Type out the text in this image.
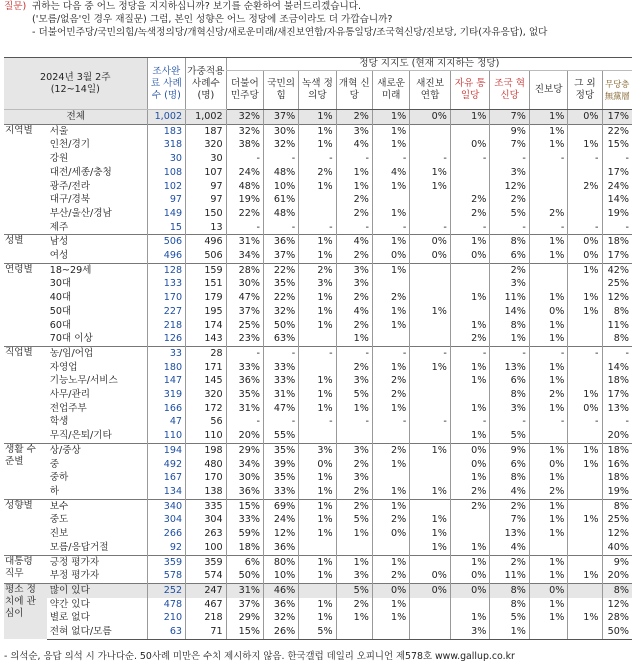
질문) 귀하는 다음 중 어느 정당을 지지하십니까? 보기를 순환하여 불러드리겠습니다.
('모름/없음'인 경우 재질문) 그럼, 본인 성향은 어느 정당에 조금이라도 더 가깝습니까?
- 더불어민주당/국민의힘/녹색정의당/개혁신당/새로운미래/새진보연합/자유통일당/조국혁신당/진보당, 기타(자유응답), 없다
2024년 3월 2주
(12~14일)		조사완료 사례수 (명)	가중적용 사례수 (명)	정당 지지도 (현재 지지하는 정당)										
				더불어 민주당	국민의 힘	녹색 정의당	개혁 신당	새로운 미래	새진보 연합	자유 통일당	조국 혁신당	진보당	그 외 정당	무당층 無黨層
전체		1,002	1,002	32%	37%	1%	2%	1%	0%	1%	7%	1%	0%	17%
지역별	서울	183	187	32%	30%	1%	3%	1%			9%	1%		22%
	인천/경기	318	320	38%	32%	1%	4%	1%		0%	7%	1%	1%	15%
	강원	30	30	-	-	-	-	-	-	-	-	-	-	-
	대전/세종/충청	108	107	24%	48%	2%	1%	4%	1%		3%			17%
	광주/전라	102	97	48%	10%	1%	1%	1%	1%		12%		2%	24%
	대구/경북	97	97	19%	61%		2%			2%	2%			14%
	부산/울산/경남	149	150	22%	48%		2%	1%		2%	5%	2%		19%
	제주	15	13	-	-	-	-	-	-	-	-	-	-	-
성별	남성	506	496	31%	36%	1%	4%	1%	0%	1%	8%	1%	0%	18%
	여성	496	506	34%	37%	1%	2%	0%	0%	0%	6%	1%	0%	17%
연령별	18~29세	128	159	28%	22%	2%	3%	1%			2%		1%	42%
	30대	133	151	30%	35%	3%	3%				3%			25%
	40대	170	179	47%	22%	1%	2%	2%		1%	11%	1%	1%	12%
	50대	227	195	37%	32%	1%	4%	1%	1%		14%	0%	1%	8%
	60대	218	174	25%	50%	1%	2%	1%		1%	8%	1%		11%
	70대 이상	126	143	23%	63%		1%			2%	1%	1%		8%
직업별	농/임/어업	33	28	-	-	-	-	-	-	-	-	-	-	-
	자영업	180	171	33%	33%		2%	1%	1%	1%	13%	1%		14%
	기능노무/서비스	147	145	36%	33%	1%	3%	2%		1%	6%	1%		18%
	사무/관리	319	320	35%	31%	1%	5%	2%			8%	2%	1%	17%
	전업주부	166	172	31%	47%	1%	1%	1%		1%	3%	1%	0%	13%
	학생	47	56	-	-	-	-	-	-	-	-	-	-	-
	무직/은퇴/기타	110	110	20%	55%					1%	5%			20%
생활 수준별	상/중상	194	198	29%	35%	3%	3%	2%	1%	0%	9%	1%	1%	18%
	중	492	480	34%	39%	0%	2%	1%		0%	6%	0%	1%	16%
	중하	167	170	30%	35%	1%	3%			1%	8%	1%		18%
	하	134	138	36%	33%	1%	2%	1%	1%	2%	4%	2%		19%
성향별	보수	340	335	15%	69%	1%	2%	1%		2%	2%	1%		8%
	중도	304	304	33%	24%	1%	5%	2%	1%		7%	1%	1%	25%
	진보	266	263	59%	12%	1%	1%	0%	1%		13%	1%		12%
	모름/응답거절	92	100	18%	36%				1%	1%	4%			40%
대통령 직무	긍정 평가자	359	359	6%	80%	1%	1%	1%		1%	2%	1%		9%
	부정 평가자	578	574	50%	10%	1%	3%	2%	0%	0%	11%	1%	1%	20%
평소 정치에 관심이	많이 있다	252	247	31%	46%		5%	0%	0%	0%	8%	0%		8%
	약간 있다	478	467	37%	36%	1%	2%	1%			8%	1%		12%
	별로 없다	210	218	29%	32%	1%	1%	1%		1%	5%	1%	1%	28%
	전혀 없다/모름	63	71	15%	26%	5%				3%	1%			50%
- 의석순, 응답 의석 시 가나다순. 50사례 미만은 수치 제시하지 않음. 한국갤럽 데일리 오피니언 제578호 www.gallup.co.kr
